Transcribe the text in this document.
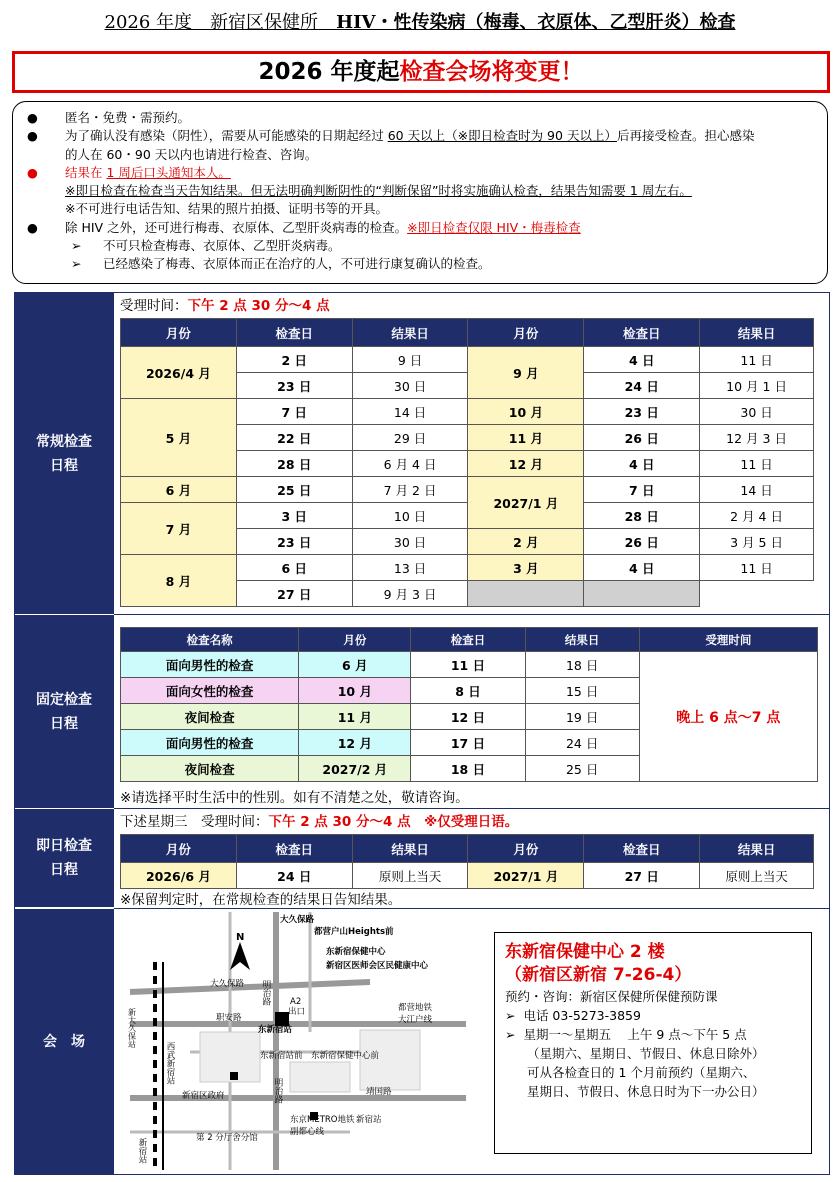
2026 年度　 新宿区保健所　 HIV・性传染病（梅毒、衣原体、乙型肝炎）检查
2026 年度起检查会场将变更！
● 匿名・免费・需预约。
● 为了确认没有感染（阴性），需要从可能感染的日期起经过 60 天以上（※即日检查时为 90 天以上）后再接受检查。担心感染
的人在 60・90 天以内也请进行检查、咨询。
● 结果在 1 周后口头通知本人。
※即日检查在检查当天告知结果。但无法明确判断阴性的“判断保留”时将实施确认检查，结果告知需要 1 周左右。
※不可进行电话告知、结果的照片拍摄、证明书等的开具。
● 除 HIV 之外，还可进行梅毒、衣原体、乙型肝炎病毒的检查。※即日检查仅限 HIV・梅毒检查
➢ 不可只检查梅毒、衣原体、乙型肝炎病毒。
➢ 已经感染了梅毒、衣原体而正在治疗的人，不可进行康复确认的检查。
常规检查
日程
受理时间：下午 2 点 30 分～4 点
月份	检查日	结果日	月份	检查日	结果日
2026/4 月	2 日	9 日	9 月	4 日	11 日
	23 日	30 日		24 日	10 月 1 日
5 月	7 日	14 日	10 月	23 日	30 日
	22 日	29 日	11 月	26 日	12 月 3 日
	28 日	6 月 4 日	12 月	4 日	11 日
6 月	25 日	7 月 2 日	2027/1 月	7 日	14 日
7 月	3 日	10 日		28 日	2 月 4 日
	23 日	30 日	2 月	26 日	3 月 5 日
8 月	6 日	13 日	3 月	4 日	11 日
	27 日	9 月 3 日			
固定检查
日程
检查名称	月份	检查日	结果日	受理时间
面向男性的检查	6 月	11 日	18 日	晚上 6 点～7 点
面向女性的检查	10 月	8 日	15 日	
夜间检查	11 月	12 日	19 日	
面向男性的检查	12 月	17 日	24 日	
夜间检查	2027/2 月	18 日	25 日	
※请选择平时生活中的性别。如有不清楚之处，敬请咨询。
即日检查
日程
下述星期三　受理时间：下午 2 点 30 分～4 点　 ※仅受理日语。
月份	检查日	结果日	月份	检查日	结果日
2026/6 月	24 日	原则上当天	2027/1 月	27 日	原则上当天
※保留判定时，在常规检查的结果日告知结果。
会　场
N
大久保路
都营户山Heights前
东新宿保健中心
新宿区医师会区民健康中心
大久保路
新大久保站	职安路
明治路
东新宿站
A2
出口	都营地铁
大江户线
西武新宿站	东新宿站前　东新宿保健中心前
新宿区政府	靖国路
明治路
东京METRO地铁
副都心线
新宿站
新宿站	第 2 分厅舍分馆
东新宿保健中心 2 楼
（新宿区新宿 7-26-4）
预约・咨询：新宿区保健所保健预防课
➢ 电话 03-5273-3859
➢ 星期一～星期五　 上午 9 点～下午 5 点
（星期六、星期日、节假日、休息日除外）
可从各检查日的 1 个月前预约（星期六、
星期日、节假日、休息日时为下一办公日）
